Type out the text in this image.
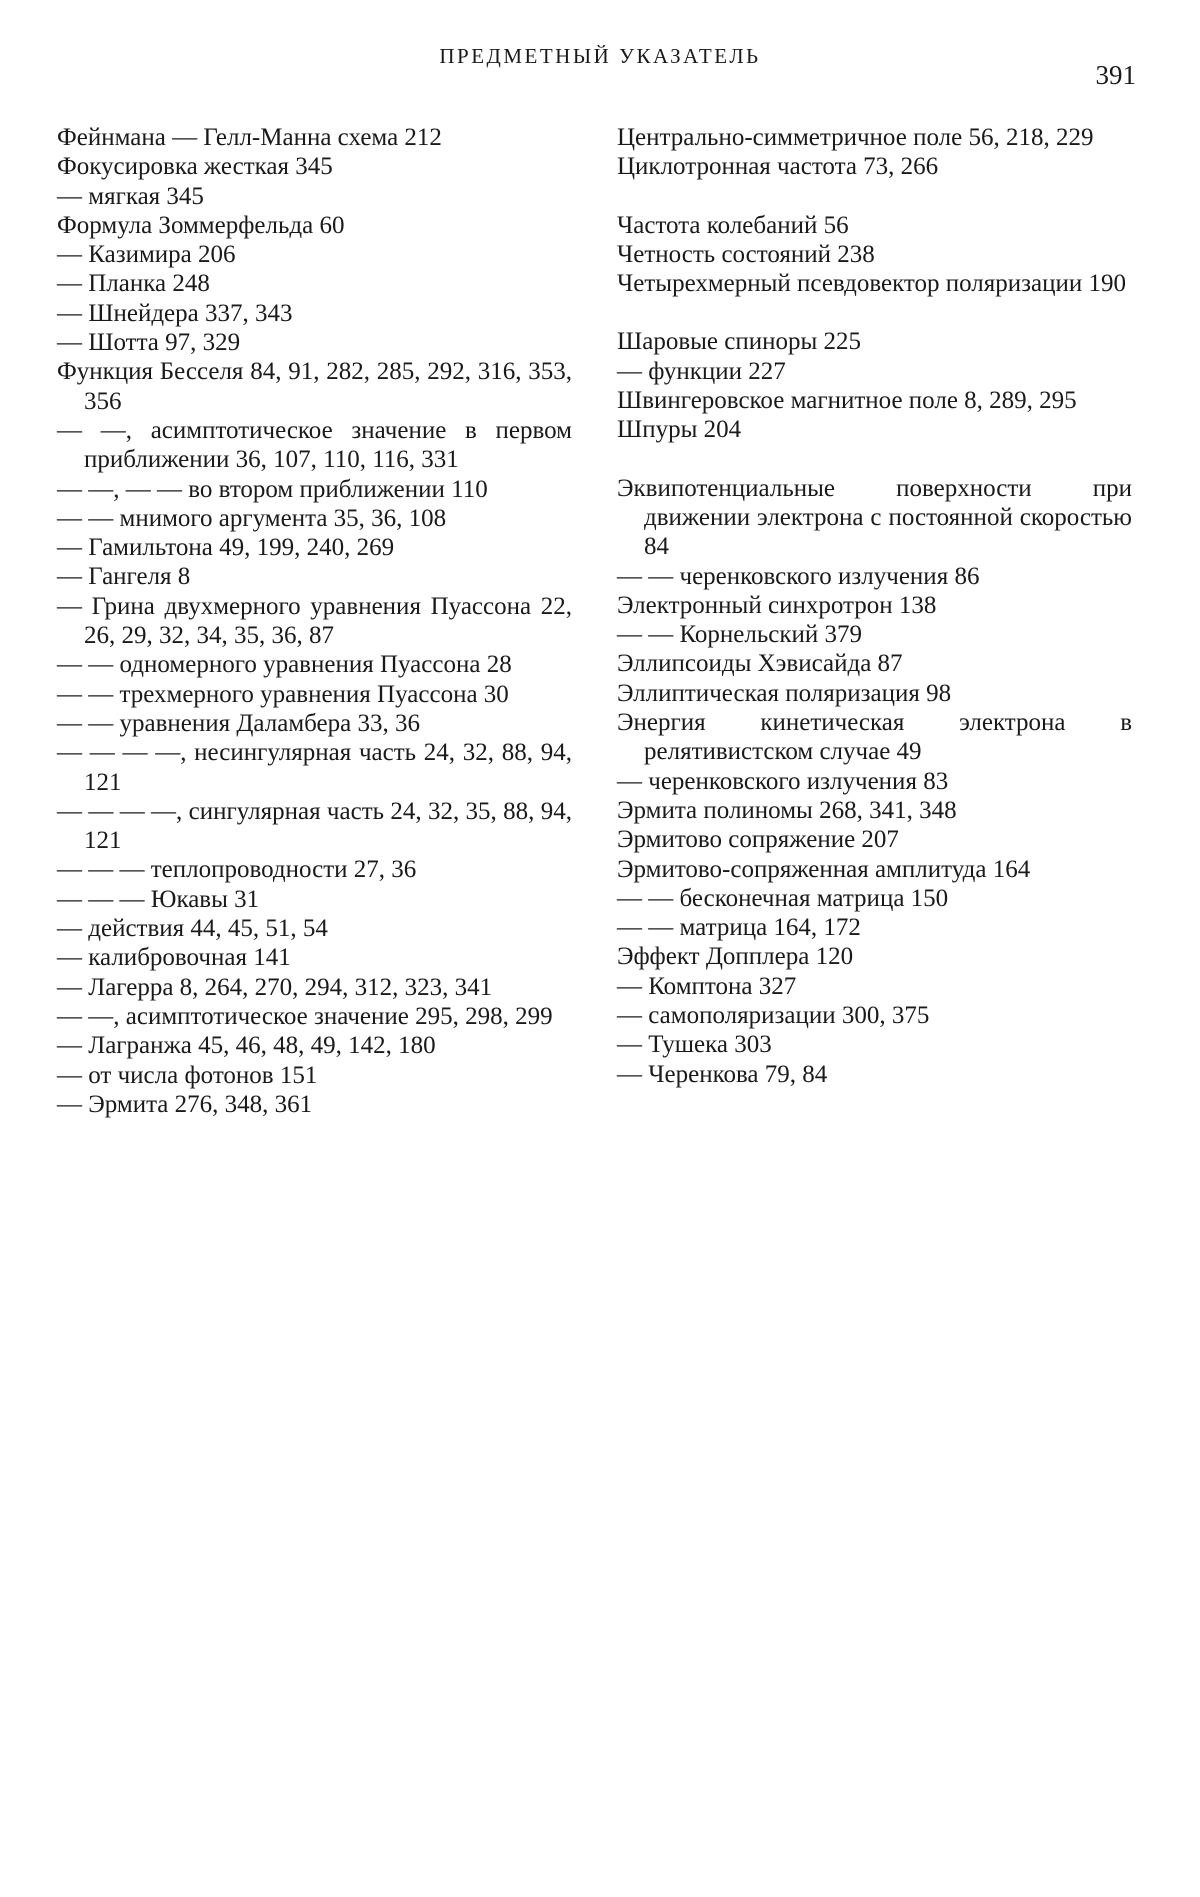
ПРЕДМЕТНЫЙ УКАЗАТЕЛЬ
391
Фейнмана — Гелл-Манна схема 212
Фокусировка жесткая 345
— мягкая 345
Формула Зоммерфельда 60
— Казимира 206
— Планка 248
— Шнейдера 337, 343
— Шотта 97, 329
Функция Бесселя 84, 91, 282, 285, 292, 316, 353, 356
— —, асимптотическое значение в первом приближении 36, 107, 110, 116, 331
— —, — — во втором приближении 110
— — мнимого аргумента 35, 36, 108
— Гамильтона 49, 199, 240, 269
— Гангеля 8
— Грина двухмерного уравнения Пуассона 22, 26, 29, 32, 34, 35, 36, 87
— — одномерного уравнения Пуассона 28
— — трехмерного уравнения Пуассона 30
— — уравнения Даламбера 33, 36
— — — —, несингулярная часть 24, 32, 88, 94, 121
— — — —, сингулярная часть 24, 32, 35, 88, 94, 121
— — — теплопроводности 27, 36
— — — Юкавы 31
— действия 44, 45, 51, 54
— калибровочная 141
— Лагерра 8, 264, 270, 294, 312, 323, 341
— —, асимптотическое значение 295, 298, 299
— Лагранжа 45, 46, 48, 49, 142, 180
— от числа фотонов 151
— Эрмита 276, 348, 361
Центрально-симметричное поле 56, 218, 229
Циклотронная частота 73, 266
Частота колебаний 56
Четность состояний 238
Четырехмерный псевдовектор поляризации 190
Шаровые спиноры 225
— функции 227
Швингеровское магнитное поле 8, 289, 295
Шпуры 204
Эквипотенциальные поверхности при движении электрона с постоянной скоростью 84
— — черенковского излучения 86
Электронный синхротрон 138
— — Корнельский 379
Эллипсоиды Хэвисайда 87
Эллиптическая поляризация 98
Энергия кинетическая электрона в релятивистском случае 49
— черенковского излучения 83
Эрмита полиномы 268, 341, 348
Эрмитово сопряжение 207
Эрмитово-сопряженная амплитуда 164
— — бесконечная матрица 150
— — матрица 164, 172
Эффект Допплера 120
— Комптона 327
— самополяризации 300, 375
— Тушека 303
— Черенкова 79, 84
